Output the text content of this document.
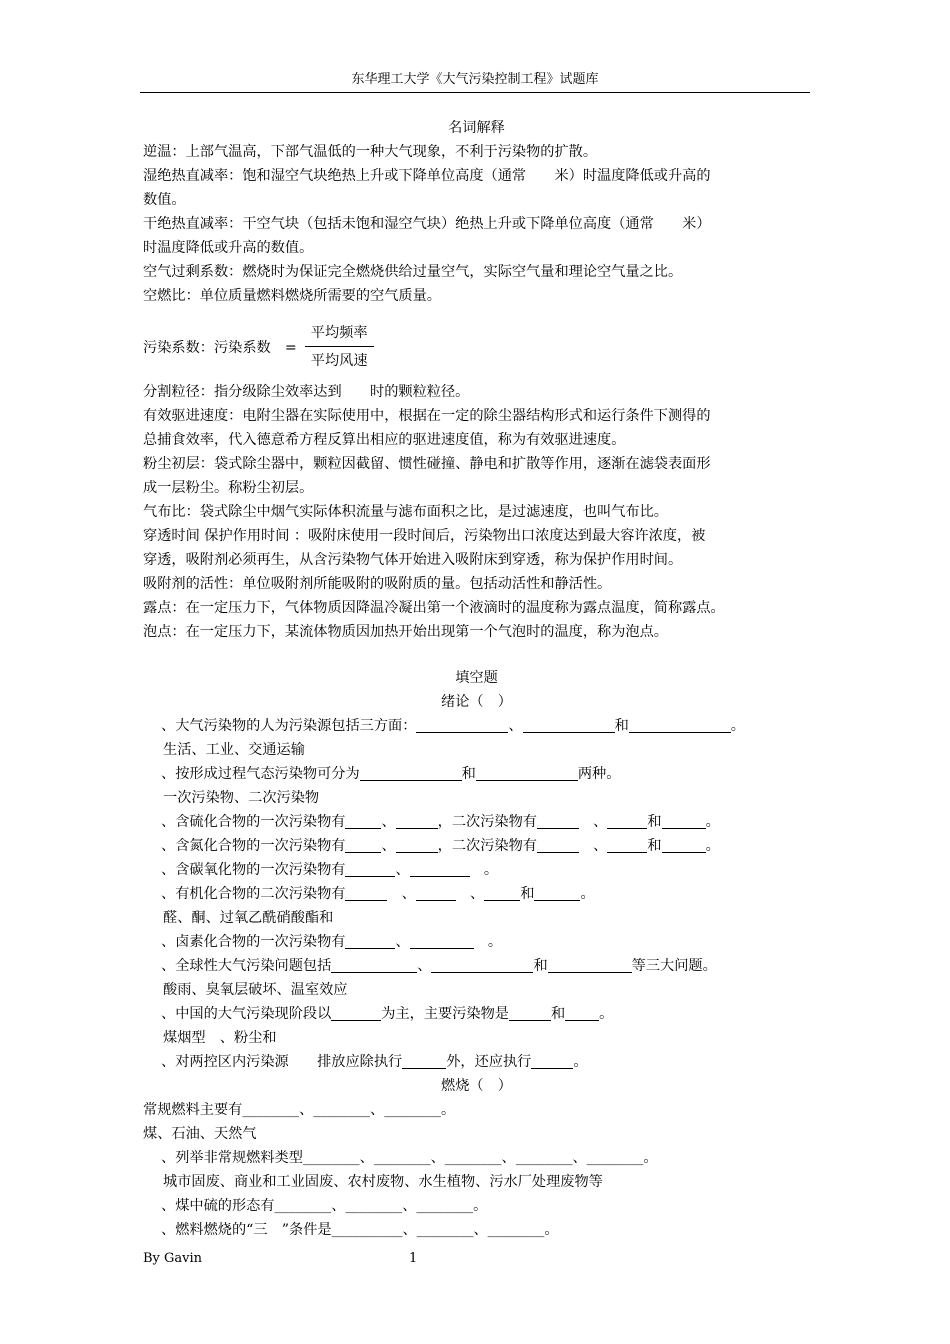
东华理工大学《大气污染控制工程》试题库
名词解释
逆温：上部气温高，下部气温低的一种大气现象，不利于污染物的扩散。
湿绝热直减率：饱和湿空气块绝热上升或下降单位高度（通常　　米）时温度降低或升高的
数值。
干绝热直减率：干空气块（包括未饱和湿空气块）绝热上升或下降单位高度（通常　　米）
时温度降低或升高的数值。
空气过剩系数：燃烧时为保证完全燃烧供给过量空气，实际空气量和理论空气量之比。
空燃比：单位质量燃料燃烧所需要的空气质量。
污染系数：污染系数　= $\frac{\text{平均频率}}{\text{平均风速}}$
分割粒径：指分级除尘效率达到　　时的颗粒粒径。
有效驱进速度：电附尘器在实际使用中，根据在一定的除尘器结构形式和运行条件下测得的
总捕食效率，代入德意希方程反算出相应的驱进速度值，称为有效驱进速度。
粉尘初层：袋式除尘器中，颗粒因截留、惯性碰撞、静电和扩散等作用，逐渐在滤袋表面形
成一层粉尘。称粉尘初层。
气布比：袋式除尘中烟气实际体积流量与滤布面积之比，是过滤速度，也叫气布比。
穿透时间 保护作用时间 ：吸附床使用一段时间后，污染物出口浓度达到最大容许浓度，被
穿透，吸附剂必须再生，从含污染物气体开始进入吸附床到穿透，称为保护作用时间。
吸附剂的活性：单位吸附剂所能吸附的吸附质的量。包括动活性和静活性。
露点：在一定压力下，气体物质因降温冷凝出第一个液滴时的温度称为露点温度，简称露点。
泡点：在一定压力下，某流体物质因加热开始出现第一个气泡时的温度，称为泡点。
填空题
绪论（　）
、大气污染物的人为污染源包括三方面：	、	和	。
生活、工业、交通运输
、按形成过程气态污染物可分为	和	两种。
一次污染物、二次污染物
、含硫化合物的一次污染物有	、	，二次污染物有	　、	和	。
、含氮化合物的一次污染物有	、	，二次污染物有	　、	和	。
、含碳氧化物的一次污染物有	、	　。
、有机化合物的二次污染物有	　、	　、	和	。
醛、酮、过氧乙酰硝酸酯和
、卤素化合物的一次污染物有	、	　。
、全球性大气污染问题包括	、	和	等三大问题。
酸雨、臭氧层破坏、温室效应
、中国的大气污染现阶段以	为主，主要污染物是	和 。
煤烟型　、粉尘和
、对两控区内污染源　　排放应除执行	外，还应执行	。
燃烧（　）
常规燃料主要有________、________、________。
煤、石油、天然气
、列举非常规燃料类型________、________、________、________、________。
城市固废、商业和工业固废、农村废物、水生植物、污水厂处理废物等
、煤中硫的形态有________、________、________。
、燃料燃烧的“三　”条件是__________、________、________。
By Gavin	1
